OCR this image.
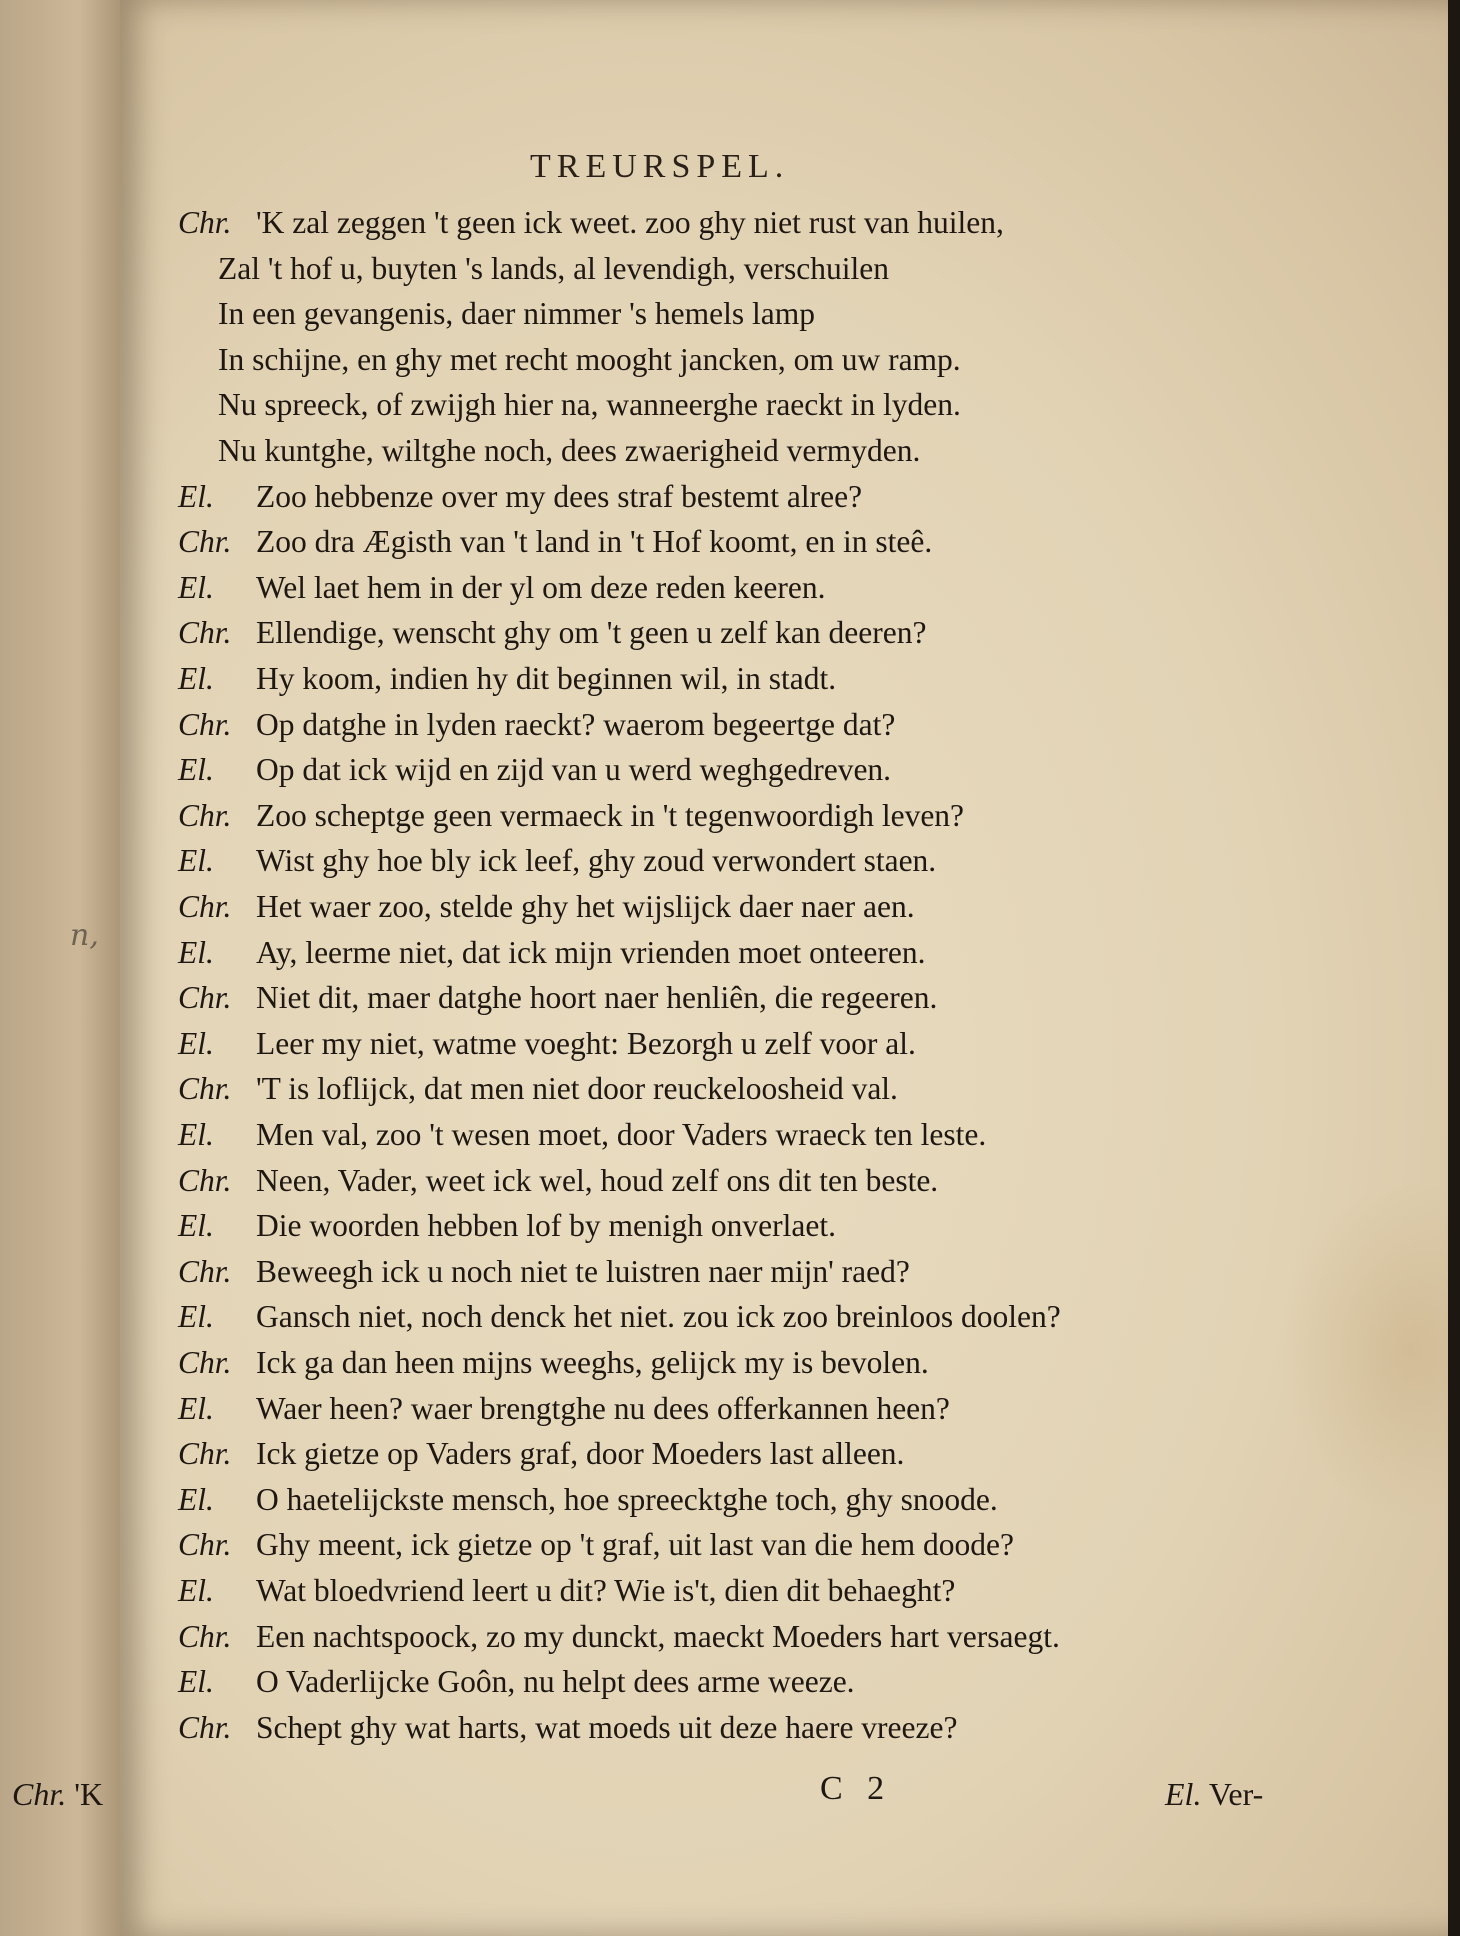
n,
TREURSPEL.
Chr. 'K zal zeggen 't geen ick weet. zoo ghy niet rust van huilen,
Zal 't hof u, buyten 's lands, al levendigh, verschuilen
In een gevangenis, daer nimmer 's hemels lamp
In schijne, en ghy met recht mooght jancken, om uw ramp.
Nu spreeck, of zwijgh hier na, wanneerghe raeckt in lyden.
Nu kuntghe, wiltghe noch, dees zwaerigheid vermyden.
El. Zoo hebbenze over my dees straf bestemt alree?
Chr. Zoo dra Ægisth van 't land in 't Hof koomt, en in steê.
El. Wel laet hem in der yl om deze reden keeren.
Chr. Ellendige, wenscht ghy om 't geen u zelf kan deeren?
El. Hy koom, indien hy dit beginnen wil, in stadt.
Chr. Op datghe in lyden raeckt? waerom begeertge dat?
El. Op dat ick wijd en zijd van u werd weghgedreven.
Chr. Zoo scheptge geen vermaeck in 't tegenwoordigh leven?
El. Wist ghy hoe bly ick leef, ghy zoud verwondert staen.
Chr. Het waer zoo, stelde ghy het wijslijck daer naer aen.
El. Ay, leerme niet, dat ick mijn vrienden moet onteeren.
Chr. Niet dit, maer datghe hoort naer henliên, die regeeren.
El. Leer my niet, watme voeght: Bezorgh u zelf voor al.
Chr. 'T is loflijck, dat men niet door reuckeloosheid val.
El. Men val, zoo 't wesen moet, door Vaders wraeck ten leste.
Chr. Neen, Vader, weet ick wel, houd zelf ons dit ten beste.
El. Die woorden hebben lof by menigh onverlaet.
Chr. Beweegh ick u noch niet te luistren naer mijn' raed?
El. Gansch niet, noch denck het niet. zou ick zoo breinloos doolen?
Chr. Ick ga dan heen mijns weeghs, gelijck my is bevolen.
El. Waer heen? waer brengtghe nu dees offerkannen heen?
Chr. Ick gietze op Vaders graf, door Moeders last alleen.
El. O haetelijckste mensch, hoe spreecktghe toch, ghy snoode.
Chr. Ghy meent, ick gietze op 't graf, uit last van die hem doode?
El. Wat bloedvriend leert u dit? Wie is't, dien dit behaeght?
Chr. Een nachtspoock, zo my dunckt, maeckt Moeders hart versaegt.
El. O Vaderlijcke Goôn, nu helpt dees arme weeze.
Chr. Schept ghy wat harts, wat moeds uit deze haere vreeze?
Chr. 'K	C 2	El. Ver-
